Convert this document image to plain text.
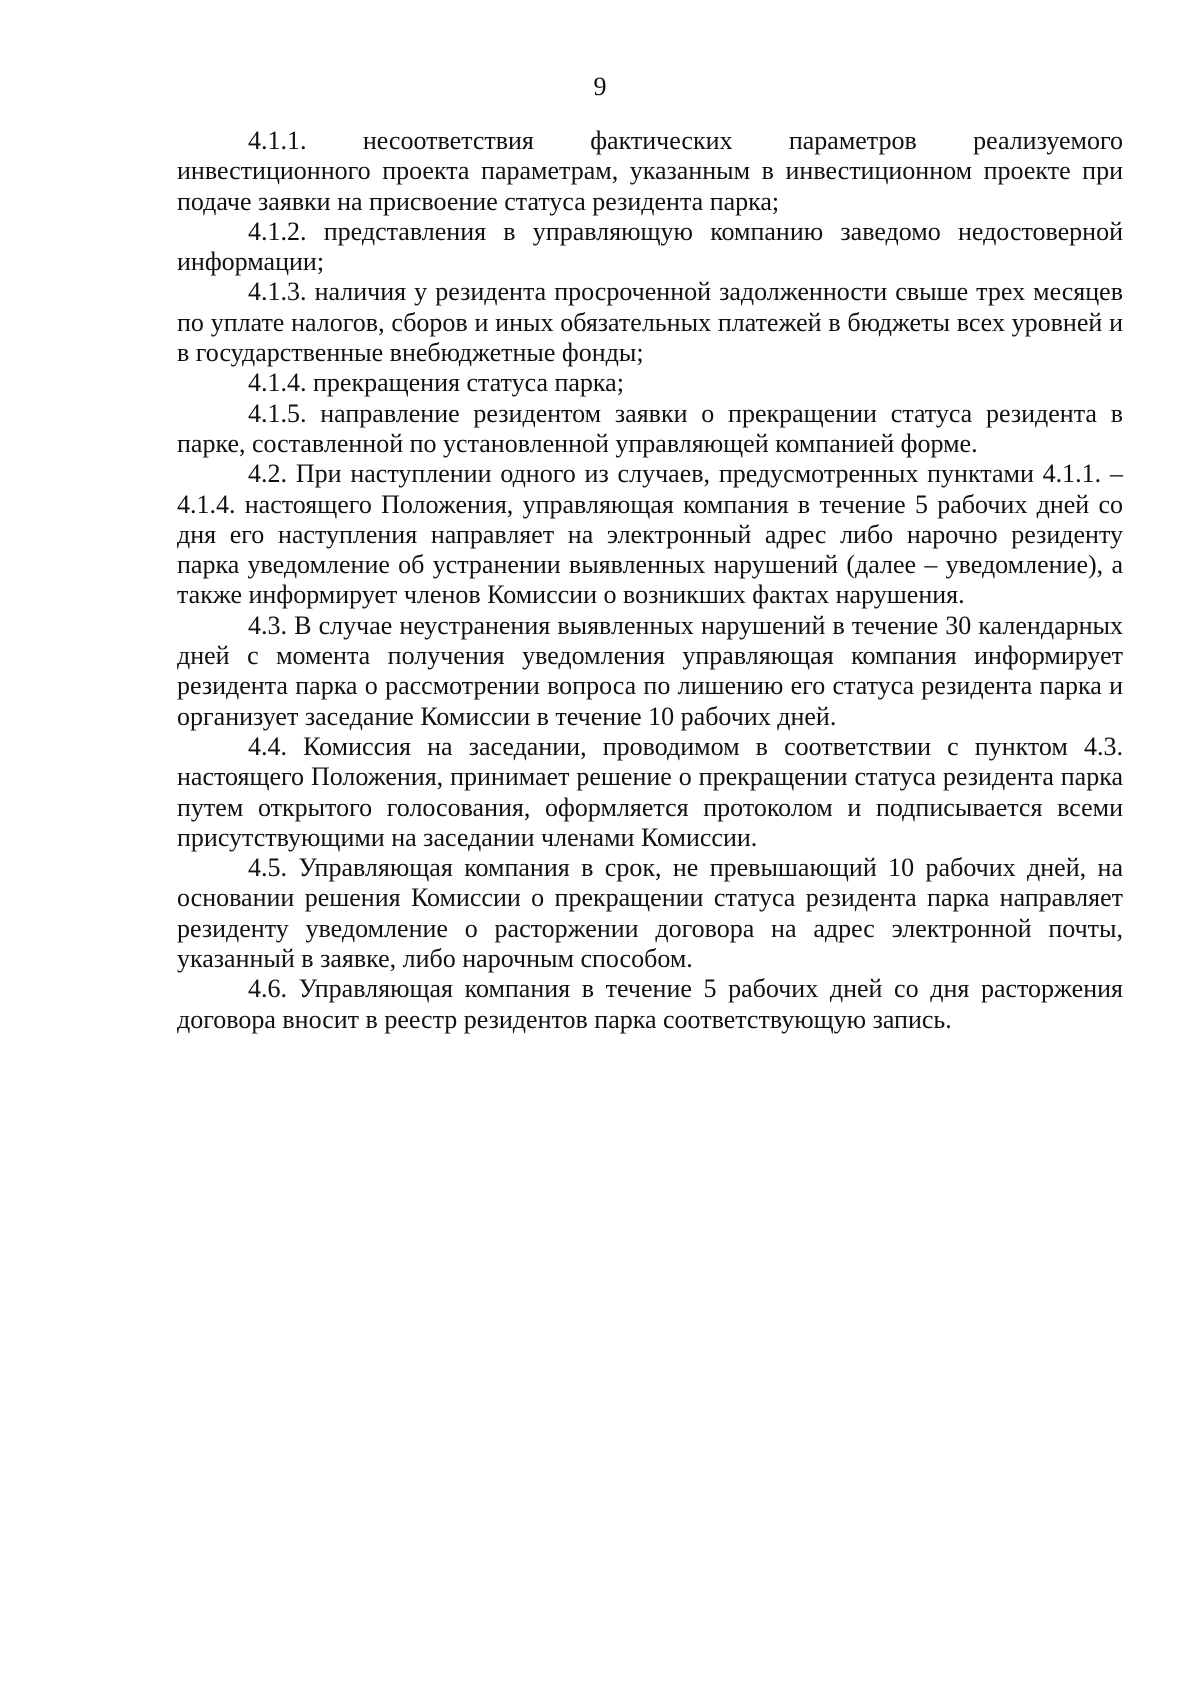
9

4.1.1. несоответствия фактических параметров реализуемого инвестиционного проекта параметрам, указанным в инвестиционном проекте при подаче заявки на присвоение статуса резидента парка;

4.1.2. представления в управляющую компанию заведомо недостоверной информации;

4.1.3. наличия у резидента просроченной задолженности свыше трех месяцев по уплате налогов, сборов и иных обязательных платежей в бюджеты всех уровней и в государственные внебюджетные фонды;

4.1.4. прекращения статуса парка;

4.1.5. направление резидентом заявки о прекращении статуса резидента в парке, составленной по установленной управляющей компанией форме.

4.2. При наступлении одного из случаев, предусмотренных пунктами 4.1.1. – 4.1.4. настоящего Положения, управляющая компания в течение 5 рабочих дней со дня его наступления направляет на электронный адрес либо нарочно резиденту парка уведомление об устранении выявленных нарушений (далее – уведомление), а также информирует членов Комиссии о возникших фактах нарушения.

4.3. В случае неустранения выявленных нарушений в течение 30 календарных дней с момента получения уведомления управляющая компания информирует резидента парка о рассмотрении вопроса по лишению его статуса резидента парка и организует заседание Комиссии в течение 10 рабочих дней.

4.4. Комиссия на заседании, проводимом в соответствии с пунктом 4.3. настоящего Положения, принимает решение о прекращении статуса резидента парка путем открытого голосования, оформляется протоколом и подписывается всеми присутствующими на заседании членами Комиссии.

4.5. Управляющая компания в срок, не превышающий 10 рабочих дней, на основании решения Комиссии о прекращении статуса резидента парка направляет резиденту уведомление о расторжении договора на адрес электронной почты, указанный в заявке, либо нарочным способом.

4.6. Управляющая компания в течение 5 рабочих дней со дня расторжения договора вносит в реестр резидентов парка соответствующую запись.
